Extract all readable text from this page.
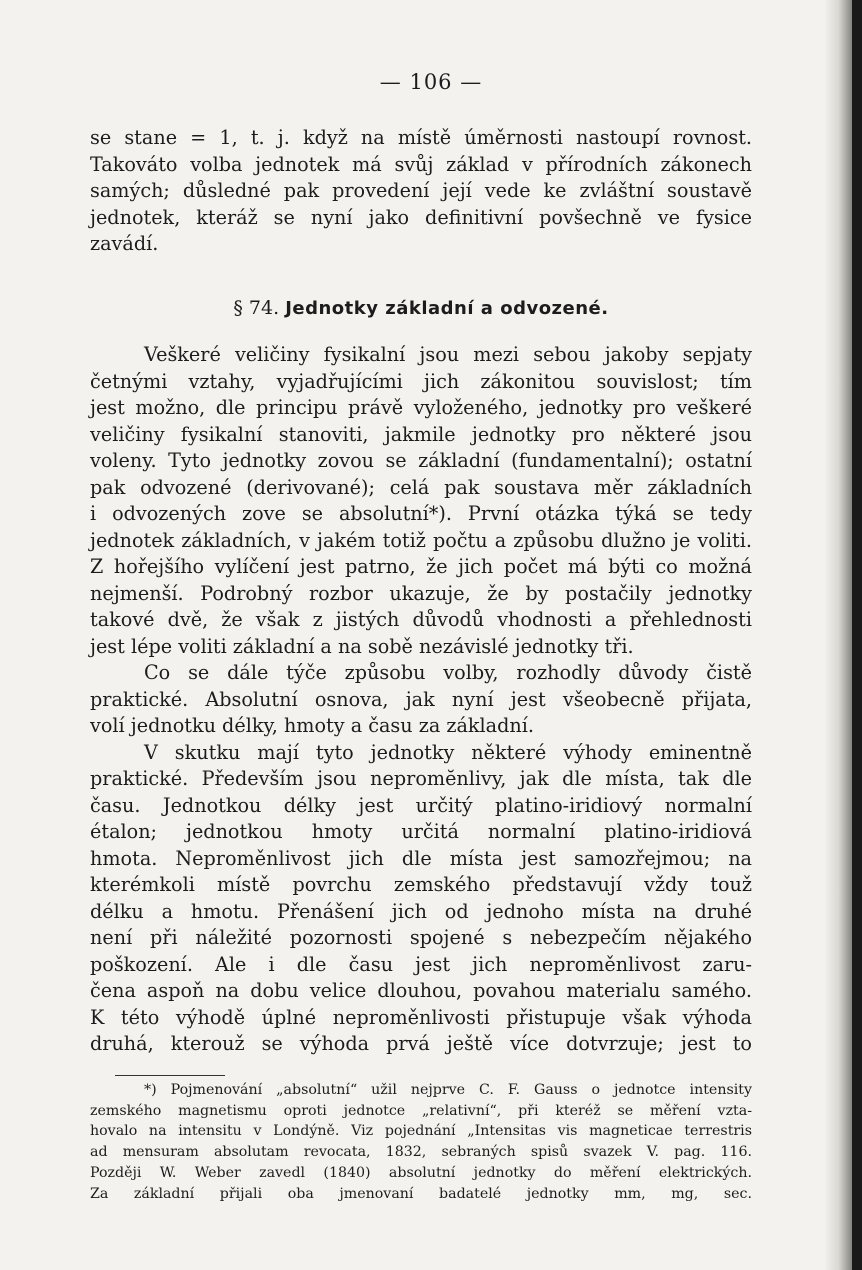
— 106 —
se stane = 1, t. j. když na místě úměrnosti nastoupí rovnost.
Takováto volba jednotek má svůj základ v přírodních zákonech
samých; důsledné pak provedení její vede ke zvláštní soustavě
jednotek, kteráž se nyní jako definitivní povšechně ve fysice
zavádí.
§ 74. Jednotky základní a odvozené.
Veškeré veličiny fysikalní jsou mezi sebou jakoby sepjaty
četnými vztahy, vyjadřujícími jich zákonitou souvislost; tím
jest možno, dle principu právě vyloženého, jednotky pro veškeré
veličiny fysikalní stanoviti, jakmile jednotky pro některé jsou
voleny. Tyto jednotky zovou se základní (fundamentalní); ostatní
pak odvozené (derivované); celá pak soustava měr základních
i odvozených zove se absolutní*). První otázka týká se tedy
jednotek základních, v jakém totiž počtu a způsobu dlužno je voliti.
Z hořejšího vylíčení jest patrno, že jich počet má býti co možná
nejmenší. Podrobný rozbor ukazuje, že by postačily jednotky
takové dvě, že však z jistých důvodů vhodnosti a přehlednosti
jest lépe voliti základní a na sobě nezávislé jednotky tři.
Co se dále týče způsobu volby, rozhodly důvody čistě
praktické. Absolutní osnova, jak nyní jest všeobecně přijata,
volí jednotku délky, hmoty a času za základní.
V skutku mají tyto jednotky některé výhody eminentně
praktické. Především jsou nepromĕnlivy, jak dle místa, tak dle
času. Jednotkou délky jest určitý platino-iridiový normalní
étalon; jednotkou hmoty určitá normalní platino-iridiová
hmota. Neproměnlivost jich dle místa jest samozřejmou; na
kterémkoli místě povrchu zemského představují vždy touž
délku a hmotu. Přenášení jich od jednoho místa na druhé
není při náležité pozornosti spojené s nebezpečím nějakého
poškození. Ale i dle času jest jich neproměnlivost zaru-
čena aspoň na dobu velice dlouhou, povahou materialu samého.
K této výhodě úplné neproměnlivosti přistupuje však výhoda
druhá, kterouž se výhoda prvá ještě více dotvrzuje; jest to
*) Pojmenování „absolutní“ užil nejprve C. F. Gauss o jednotce intensity
zemského magnetismu oproti jednotce „relativní“, při kteréž se měření vzta-
hovalo na intensitu v Londýně. Viz pojednání „Intensitas vis magneticae terrestris
ad mensuram absolutam revocata, 1832, sebraných spisů svazek V. pag. 116.
Později W. Weber zavedl (1840) absolutní jednotky do měření elektrických.
Za základní přijali oba jmenovaní badatelé jednotky mm, mg, sec.
